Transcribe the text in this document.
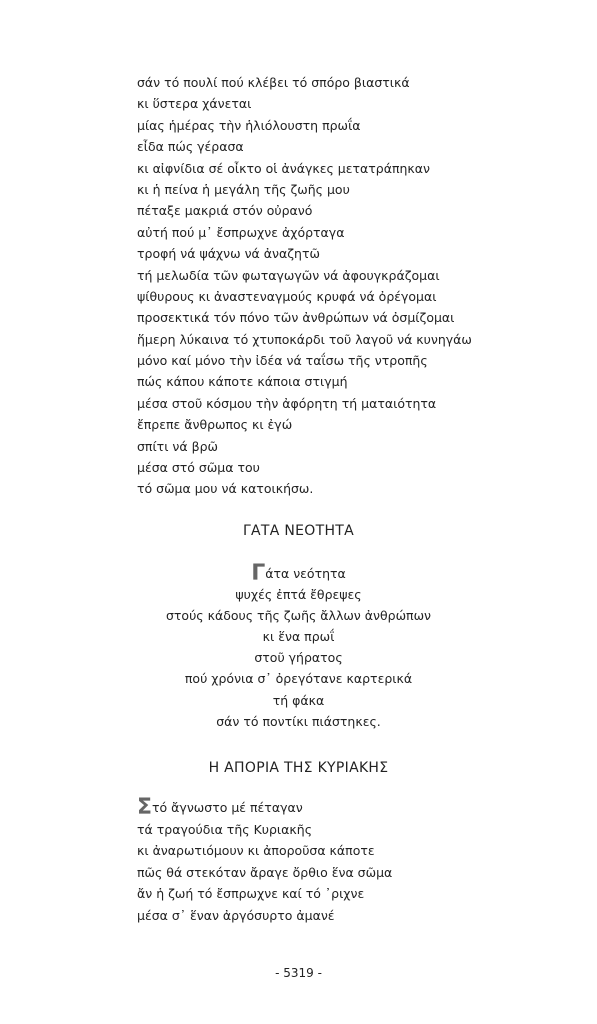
σάν τό πουλί πού κλέβει τό σπόρο βιαστικά
κι ὕστερα χάνεται
μίας ἡμέρας τὴν ἡλιόλουστη πρωΐα
εἶδα πώς γέρασα
κι αἰφνίδια σέ οἶκτο οἱ ἀνάγκες μετατράπηκαν
κι ἡ πείνα ἡ μεγάλη τῆς ζωῆς μου
πέταξε μακριά στόν οὐρανό
αὐτή πού μ᾿ ἔσπρωχνε ἀχόρταγα
τροφή νά ψάχνω νά ἀναζητῶ
τή μελωδία τῶν φωταγωγῶν νά ἀφουγκράζομαι
ψίθυρους κι ἀναστεναγμούς κρυφά νά ὀρέγομαι
προσεκτικά τόν πόνο τῶν ἀνθρώπων νά ὀσμίζομαι
ἥμερη λύκαινα τό χτυποκάρδι τοῦ λαγοῦ νά κυνηγάω
μόνο καί μόνο τὴν ἰδέα νά ταΐσω τῆς ντροπῆς
πώς κάπου κάποτε κάποια στιγμή
μέσα στοῦ κόσμου τὴν ἀφόρητη τή ματαιότητα
ἔπρεπε ἄνθρωπος κι ἐγώ
σπίτι νά βρῶ
μέσα στό σῶμα του
τό σῶμα μου νά κατοικήσω.
ΓΑΤΑ ΝΕΟΤΗΤΑ
Γάτα νεότητα
ψυχές ἐπτά ἔθρεψες
στούς κάδους τῆς ζωῆς ἄλλων ἀνθρώπων
κι ἕνα πρωΐ
στοῦ γήρατος
πού χρόνια σ᾿ ὀρεγότανε καρτερικά
τή φάκα
σάν τό ποντίκι πιάστηκες.
Η ΑΠΟΡΙΑ ΤΗΣ ΚΥΡΙΑΚΗΣ
Στό ἄγνωστο μέ πέταγαν
τά τραγούδια τῆς Κυριακῆς
κι ἀναρωτιόμουν κι ἀποροῦσα κάποτε
πῶς θά στεκόταν ἄραγε ὄρθιο ἕνα σῶμα
ἄν ἡ ζωή τό ἔσπρωχνε καί τό ᾿ριχνε
μέσα σ᾿ ἕναν ἀργόσυρτο ἀμανέ
- 5319 -
